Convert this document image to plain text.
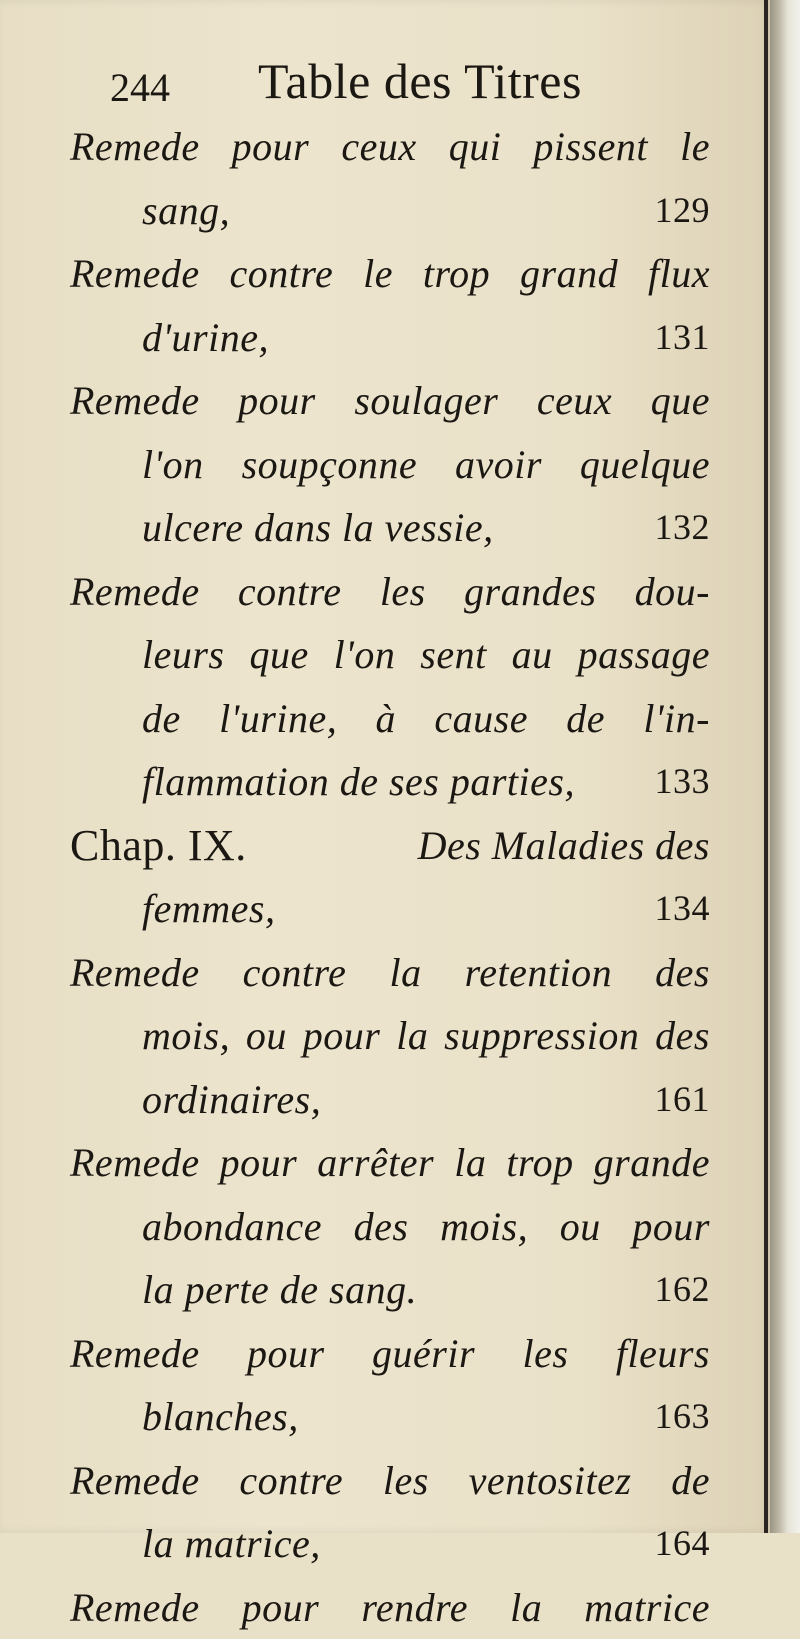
244 Table des Titres
Remede pour ceux qui pissent le
sang,	129
Remede contre le trop grand flux
d'urine,	131
Remede pour soulager ceux que
l'on soupçonne avoir quelque
ulcere dans la vessie,	132
Remede contre les grandes dou-
leurs que l'on sent au passage
de l'urine, à cause de l'in-
flammation de ses parties, 133
Chap. IX.	Des Maladies des
femmes,	134
Remede contre la retention des
mois, ou pour la suppression des
ordinaires,	161
Remede pour arrêter la trop grande
abondance des mois, ou pour
la perte de sang.	162
Remede pour guérir les fleurs
blanches,	163
Remede contre les ventositez de
la matrice,	164
Remede pour rendre la matrice
